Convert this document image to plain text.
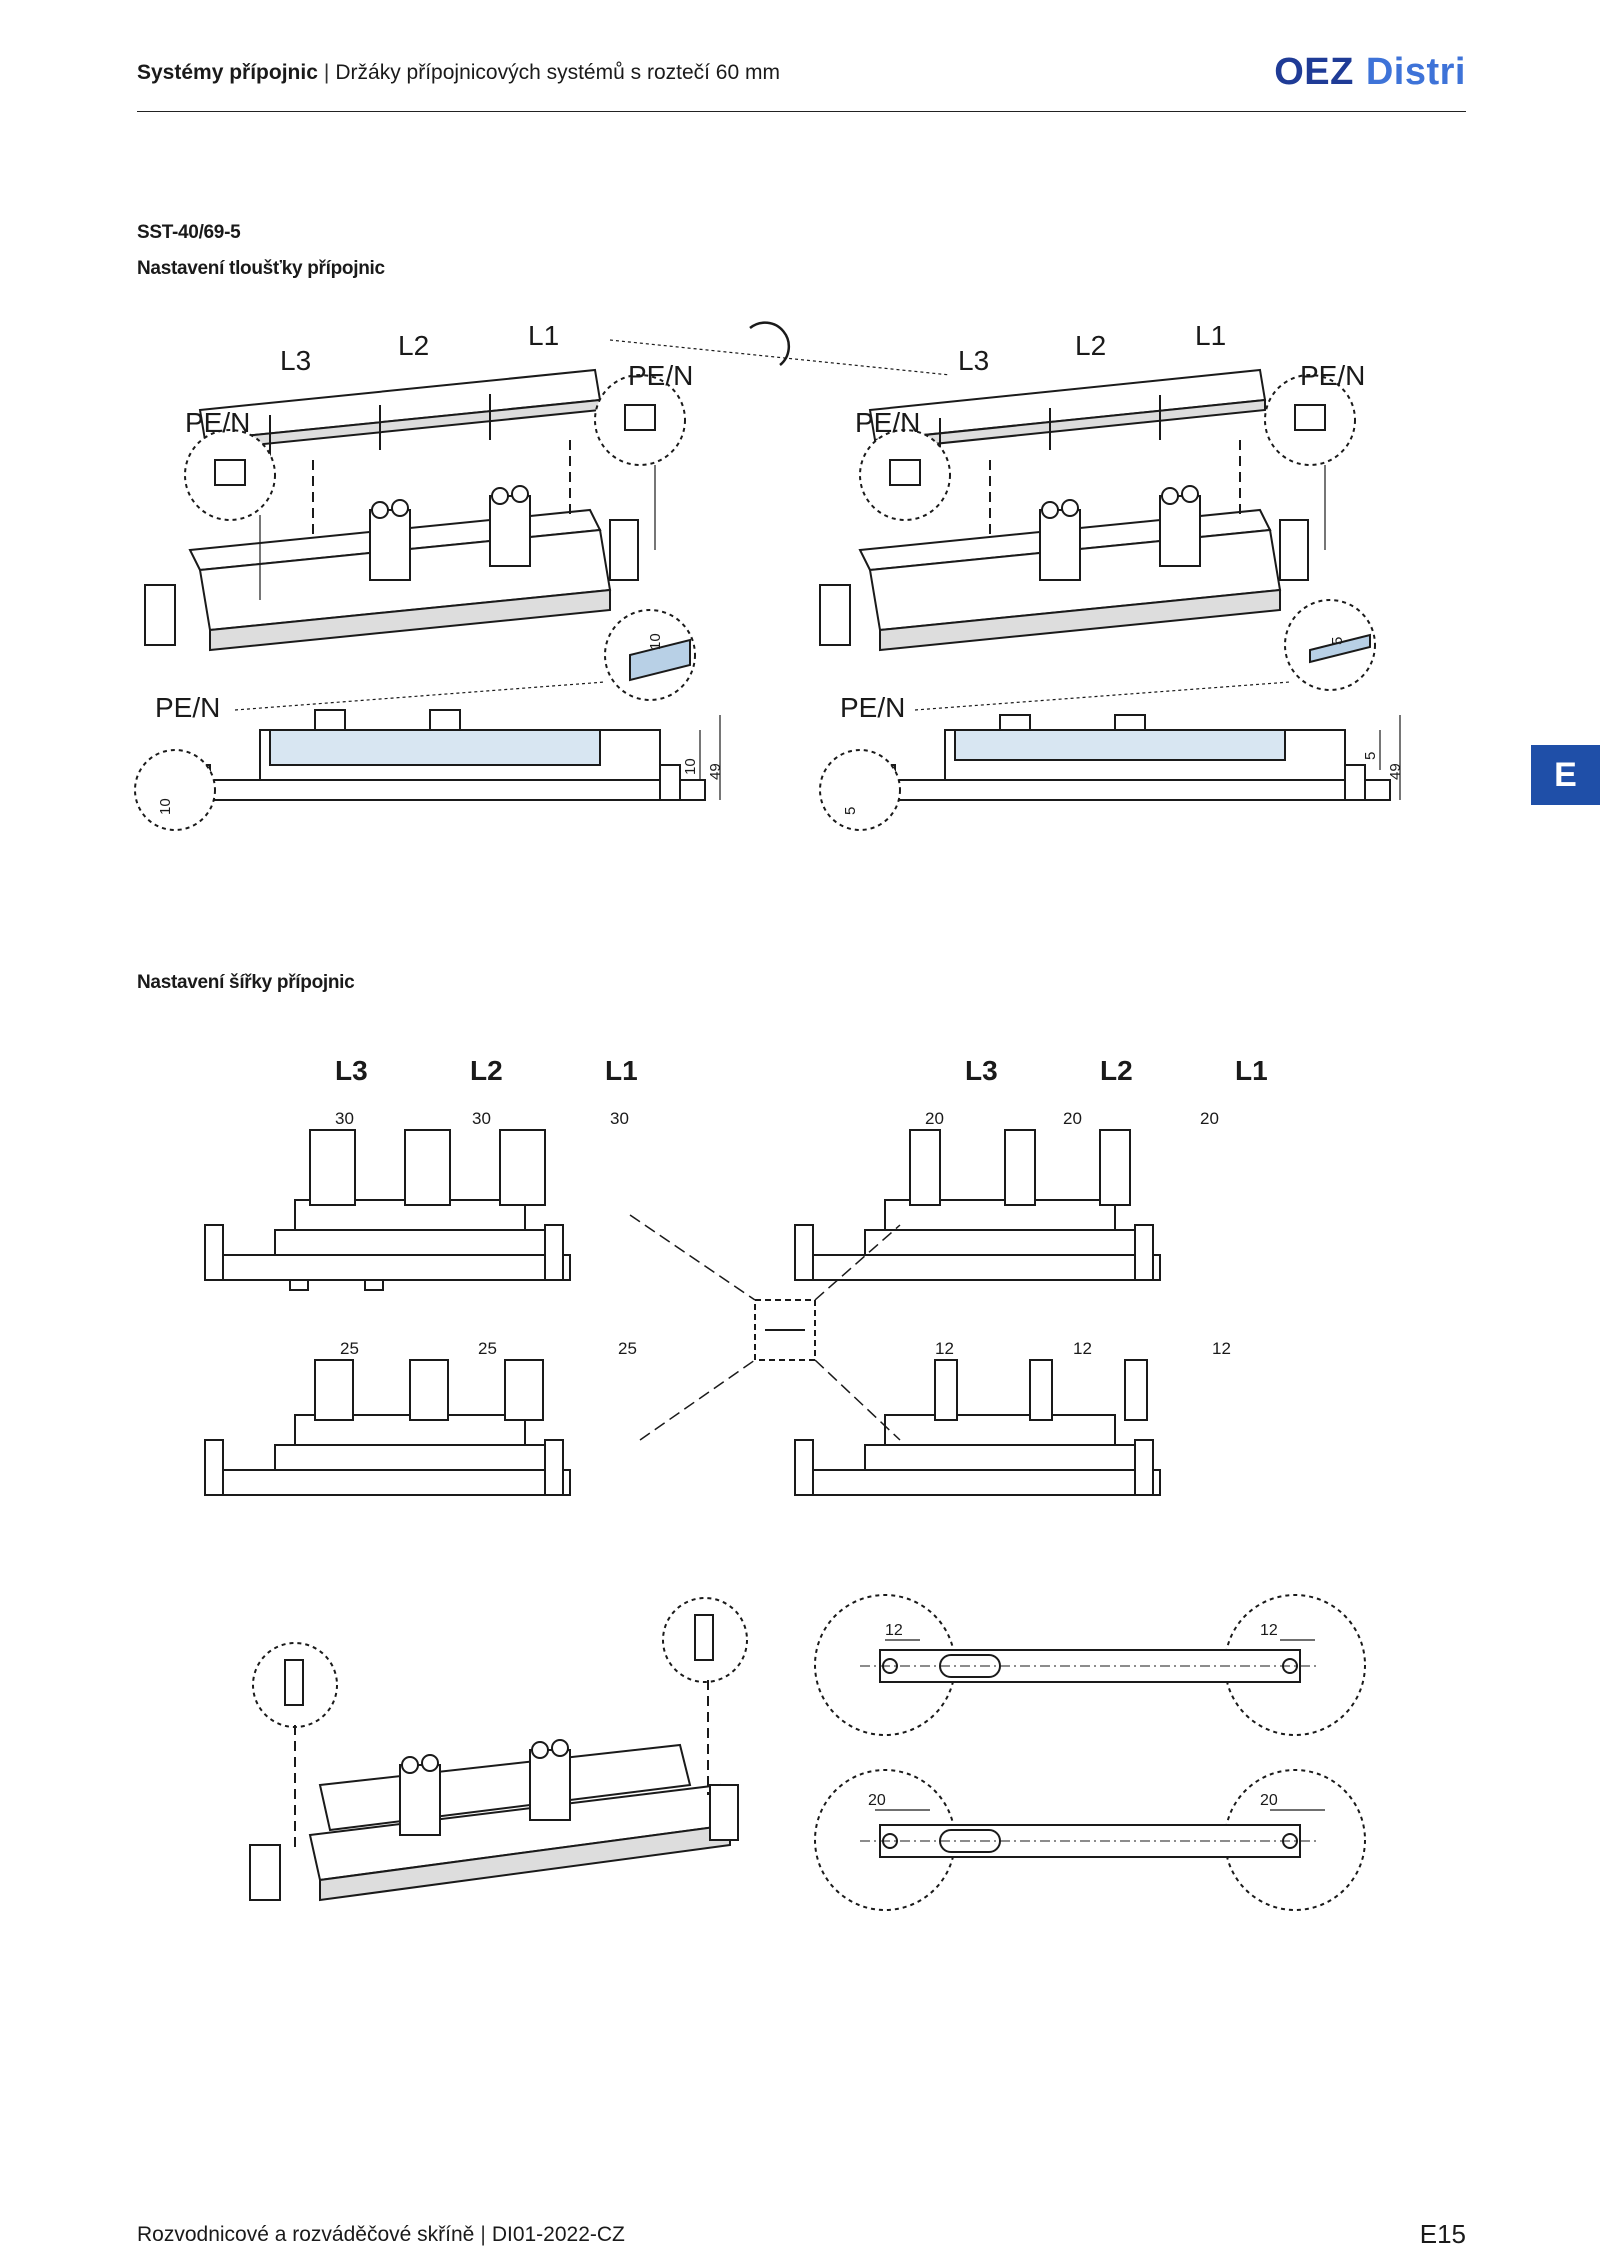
Systémy přípojnic | Držáky přípojnicových systémů s roztečí 60 mm	OEZ Distri
E
SST-40/69-5
Nastavení tloušťky přípojnic
L3	L2	L1
PE/N
PE/N
PE/N
L3	L2	L1
PE/N
PE/N
PE/N
10
10 49
10
5
5
49
5
Nastavení šířky přípojnic
L3	L2	L1	L3	L2	L1
30	30	30	20	20	20
25	25	25	12	12	12
12	12
20	20
Rozvodnicové a rozváděčové skříně | DI01-2022-CZ	E15
